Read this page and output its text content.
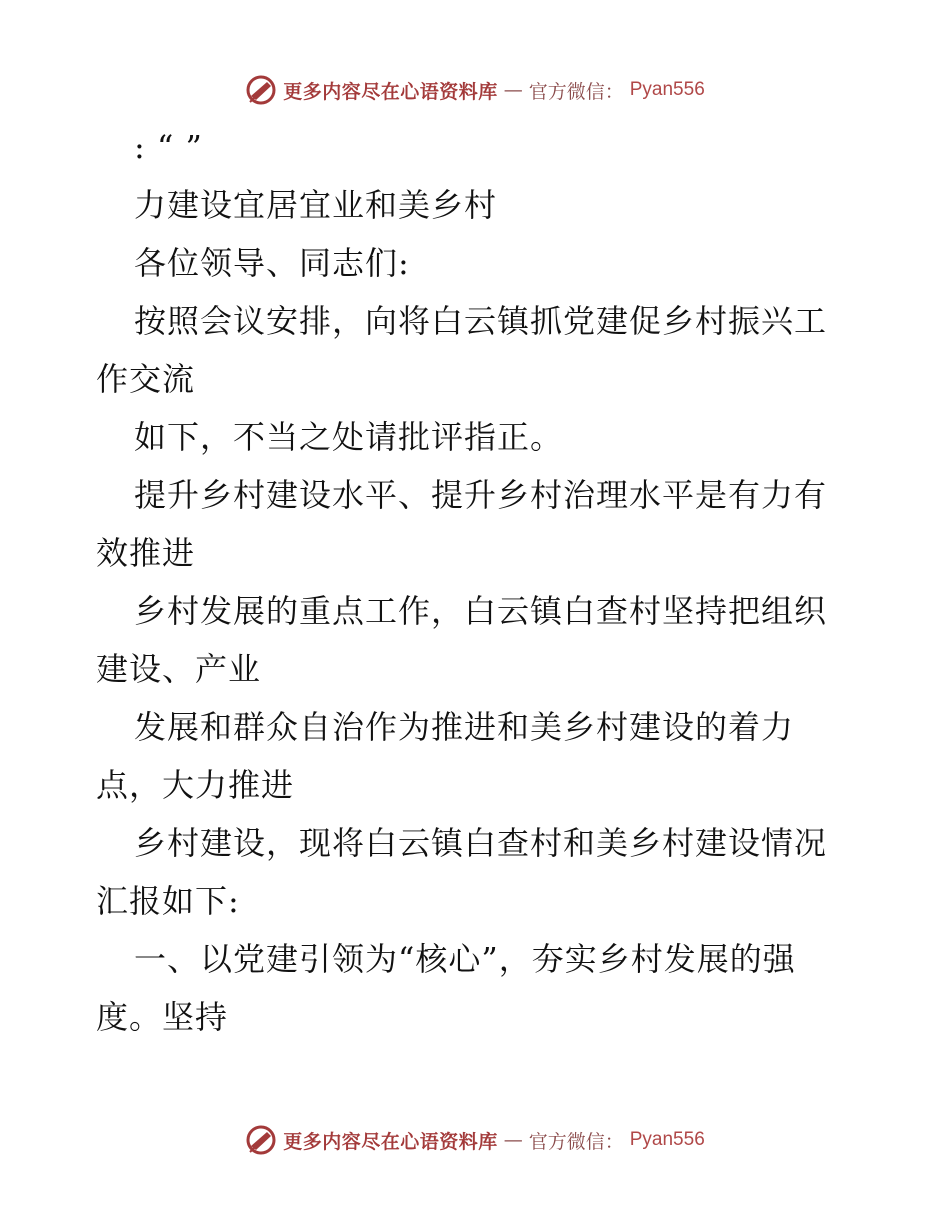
更多内容尽在心语资料库 — 官方微信： Pyan556
: “ ”
力建设宜居宜业和美乡村
各位领导、同志们:
按照会议安排，向将白云镇抓党建促乡村振兴工
作交流
如下，不当之处请批评指正。
提升乡村建设水平、提升乡村治理水平是有力有
效推进
乡村发展的重点工作，白云镇白查村坚持把组织
建设、产业
发展和群众自治作为推进和美乡村建设的着力
点，大力推进
乡村建设，现将白云镇白查村和美乡村建设情况
汇报如下:
一、以党建引领为“核心”，夯实乡村发展的强
度。坚持
更多内容尽在心语资料库 — 官方微信： Pyan556
